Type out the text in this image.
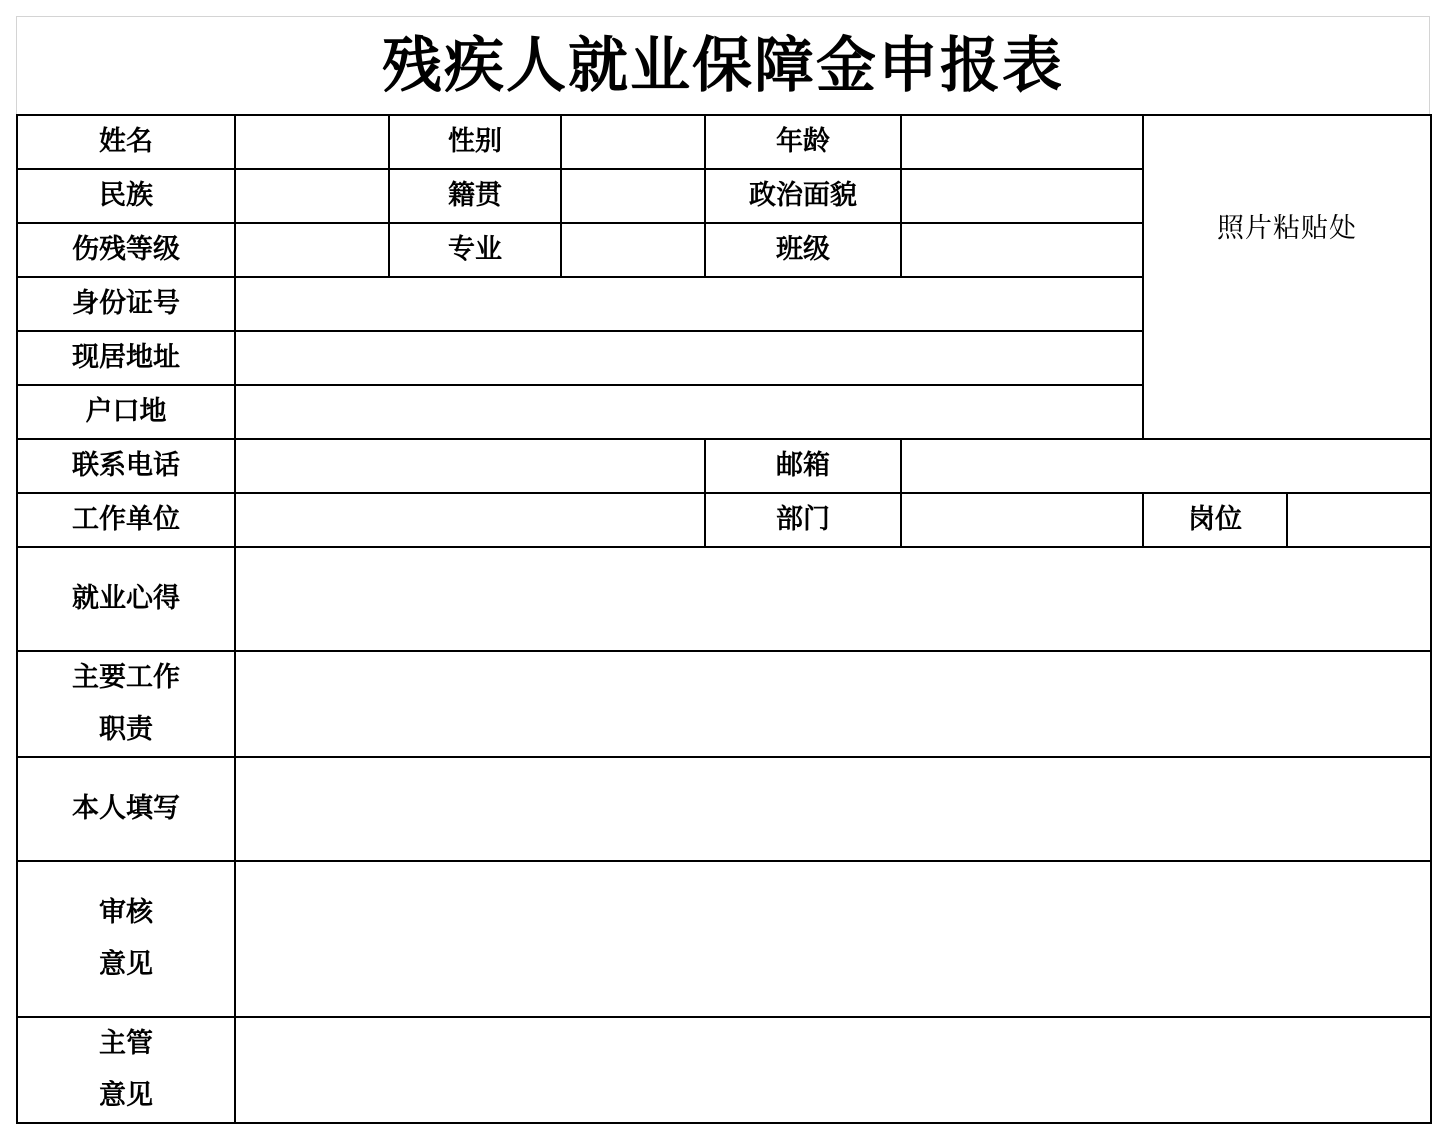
残疾人就业保障金申报表
姓名		性别		年龄		照片粘贴处	
民族		籍贯		政治面貌			
伤残等级		专业		班级			
身份证号							
现居地址							
户口地							
联系电话				邮箱			
工作单位				部门		岗位	
就业心得							

主要工作
职责							

本人填写							

审核
意见							

主管
意见							
